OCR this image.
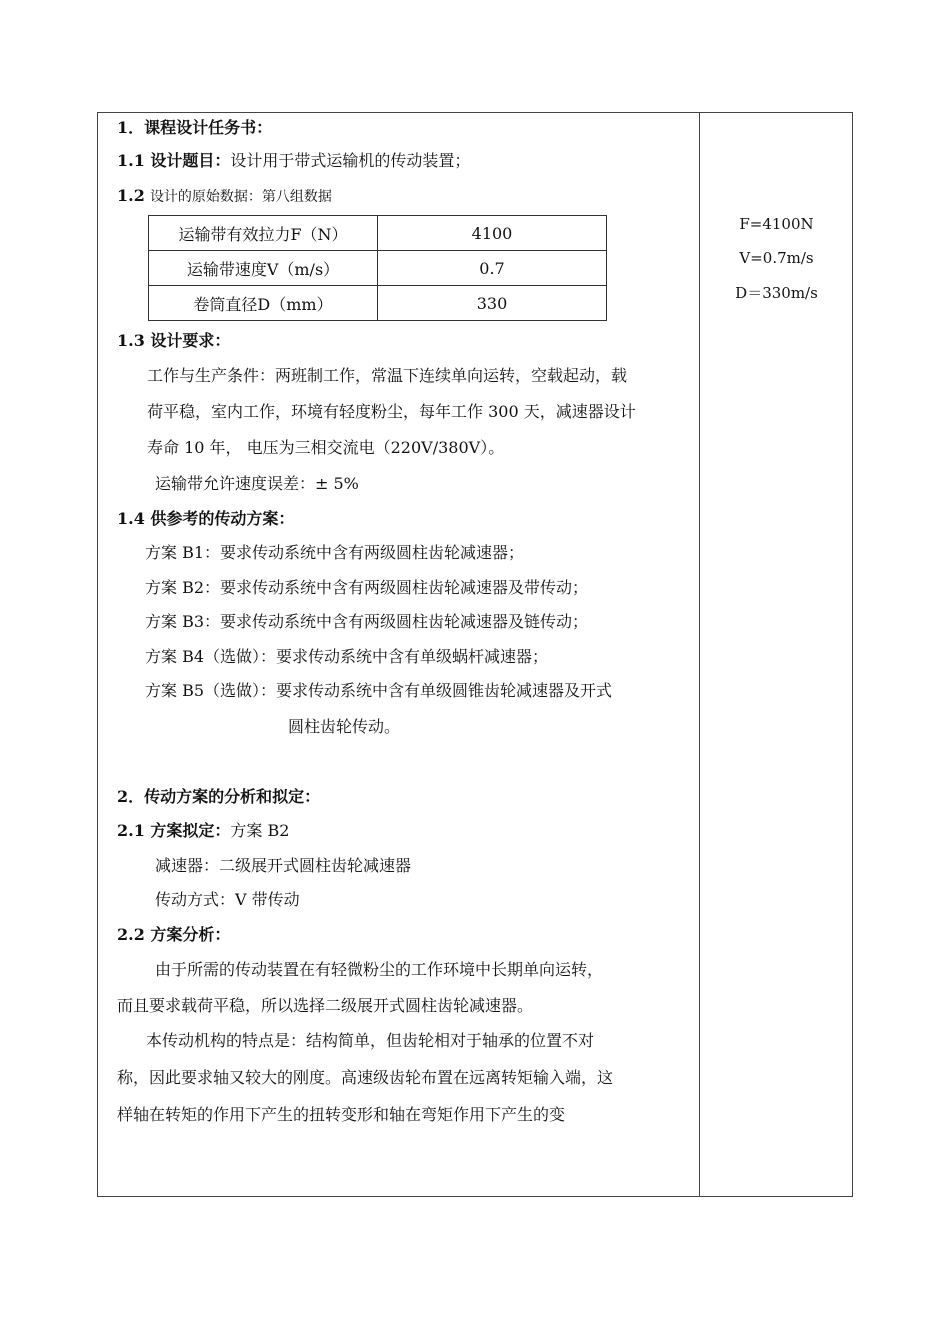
1．课程设计任务书：
1.1 设计题目：设计用于带式运输机的传动装置；
1.2 设计的原始数据：第八组数据
运输带有效拉力F（N）	4100
运输带速度V（m/s）	0.7
卷筒直径D（mm）	330
1.3 设计要求：
工作与生产条件：两班制工作，常温下连续单向运转，空载起动，载
荷平稳，室内工作，环境有轻度粉尘，每年工作 300 天，减速器设计
寿命 10 年， 电压为三相交流电（220V/380V）。
运输带允许速度误差：± 5%
1.4 供参考的传动方案：
方案 B1：要求传动系统中含有两级圆柱齿轮减速器；
方案 B2：要求传动系统中含有两级圆柱齿轮减速器及带传动；
方案 B3：要求传动系统中含有两级圆柱齿轮减速器及链传动；
方案 B4（选做）：要求传动系统中含有单级蜗杆减速器；
方案 B5（选做）：要求传动系统中含有单级圆锥齿轮减速器及开式
圆柱齿轮传动。
2．传动方案的分析和拟定：
2.1 方案拟定：方案 B2
减速器：二级展开式圆柱齿轮减速器
传动方式：V 带传动
2.2 方案分析：
由于所需的传动装置在有轻微粉尘的工作环境中长期单向运转，
而且要求载荷平稳，所以选择二级展开式圆柱齿轮减速器。
本传动机构的特点是：结构简单，但齿轮相对于轴承的位置不对
称，因此要求轴又较大的刚度。高速级齿轮布置在远离转矩输入端，这
样轴在转矩的作用下产生的扭转变形和轴在弯矩作用下产生的变
F=4100N
V=0.7m/s
D＝330m/s
